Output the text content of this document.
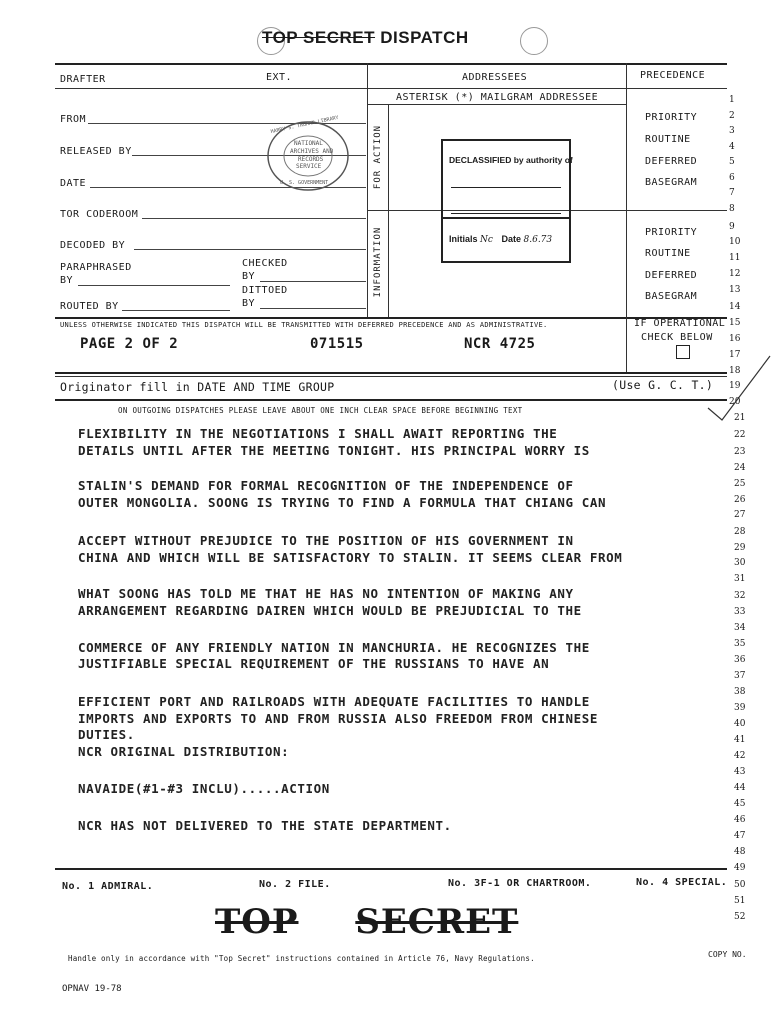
TOP SECRET DISPATCH
DRAFTER	EXT.	ADDRESSEES	PRECEDENCE
ASTERISK (*) MAILGRAM ADDRESSEE
FROM
RELEASED BY
DATE
TOR CODEROOM
DECODED BY
PARAPHRASED
BY
CHECKED
BY
DITTOED
BY
ROUTED BY
FOR ACTION
INFORMATION
HARRY S. TRUMAN LIBRARY
NATIONAL
ARCHIVES AND
RECORDS
SERVICE
U. S. GOVERNMENT
DECLASSIFIED by authority of
Initials Nc Date 8.6.73
PRIORITY
ROUTINE
DEFERRED
BASEGRAM
PRIORITY
ROUTINE
DEFERRED
BASEGRAM
UNLESS OTHERWISE INDICATED THIS DISPATCH WILL BE TRANSMITTED WITH DEFERRED PRECEDENCE AND AS ADMINISTRATIVE.	IF OPERATIONAL
CHECK BELOW
PAGE 2 OF 2	071515	NCR 4725
Originator fill in DATE AND TIME GROUP	(Use G. C. T.)
ON OUTGOING DISPATCHES PLEASE LEAVE ABOUT ONE INCH CLEAR SPACE BEFORE BEGINNING TEXT
FLEXIBILITY IN THE NEGOTIATIONS I SHALL AWAIT REPORTING THE
DETAILS UNTIL AFTER THE MEETING TONIGHT. HIS PRINCIPAL WORRY IS
STALIN'S DEMAND FOR FORMAL RECOGNITION OF THE INDEPENDENCE OF
OUTER MONGOLIA. SOONG IS TRYING TO FIND A FORMULA THAT CHIANG CAN
ACCEPT WITHOUT PREJUDICE TO THE POSITION OF HIS GOVERNMENT IN
CHINA AND WHICH WILL BE SATISFACTORY TO STALIN. IT SEEMS CLEAR FROM
WHAT SOONG HAS TOLD ME THAT HE HAS NO INTENTION OF MAKING ANY
ARRANGEMENT REGARDING DAIREN WHICH WOULD BE PREJUDICIAL TO THE
COMMERCE OF ANY FRIENDLY NATION IN MANCHURIA. HE RECOGNIZES THE
JUSTIFIABLE SPECIAL REQUIREMENT OF THE RUSSIANS TO HAVE AN
EFFICIENT PORT AND RAILROADS WITH ADEQUATE FACILITIES TO HANDLE
IMPORTS AND EXPORTS TO AND FROM RUSSIA ALSO FREEDOM FROM CHINESE
DUTIES.
NCR ORIGINAL DISTRIBUTION:
NAVAIDE(#1-#3 INCLU).....ACTION
NCR HAS NOT DELIVERED TO THE STATE DEPARTMENT.
1
2
3
4
5
6
7
8
9
10
11
12
13
14
15
16
17
18
19
20
21
22
23
24
25
26
27
28
29
30
31
32
33
34
35
36
37
38
39
40
41
42
43
44
45
46
47
48
49
50
51
52
No. 1 ADMIRAL.	No. 2 FILE.	No. 3F-1 OR CHARTROOM.	No. 4 SPECIAL.
TOP SECRET
Handle only in accordance with "Top Secret" instructions contained in Article 76, Navy Regulations.	COPY NO.
OPNAV 19-78
